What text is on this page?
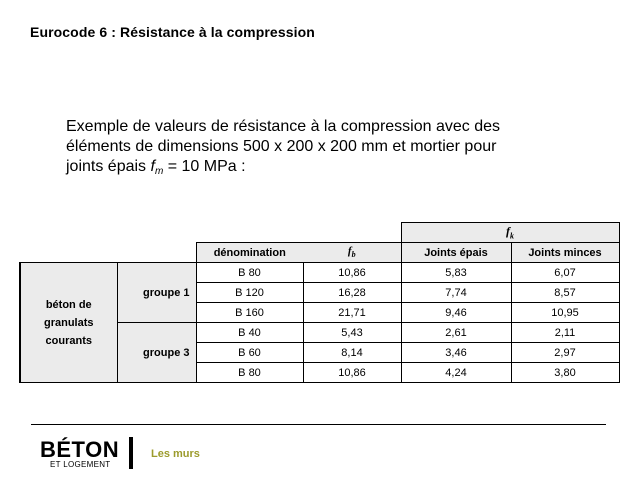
Eurocode 6 : Résistance à la compression
Exemple de valeurs de résistance à la compression avec des
éléments de dimensions 500 x 200 x 200 mm et mortier pour
joints épais $f_m = 10$ MPa :
				$f_k$
		dénomination	$f_b$	Joints épais	Joints minces

béton de
granulats
courants	groupe 1	B 80	10,86	5,83	6,07
		B 120	16,28	7,74	8,57
		B 160	21,71	9,46	10,95
	groupe 3	B 40	5,43	2,61	2,11
		B 60	8,14	3,46	2,97
		B 80	10,86	4,24	3,80
BÉTON
ET LOGEMENT
Les murs
